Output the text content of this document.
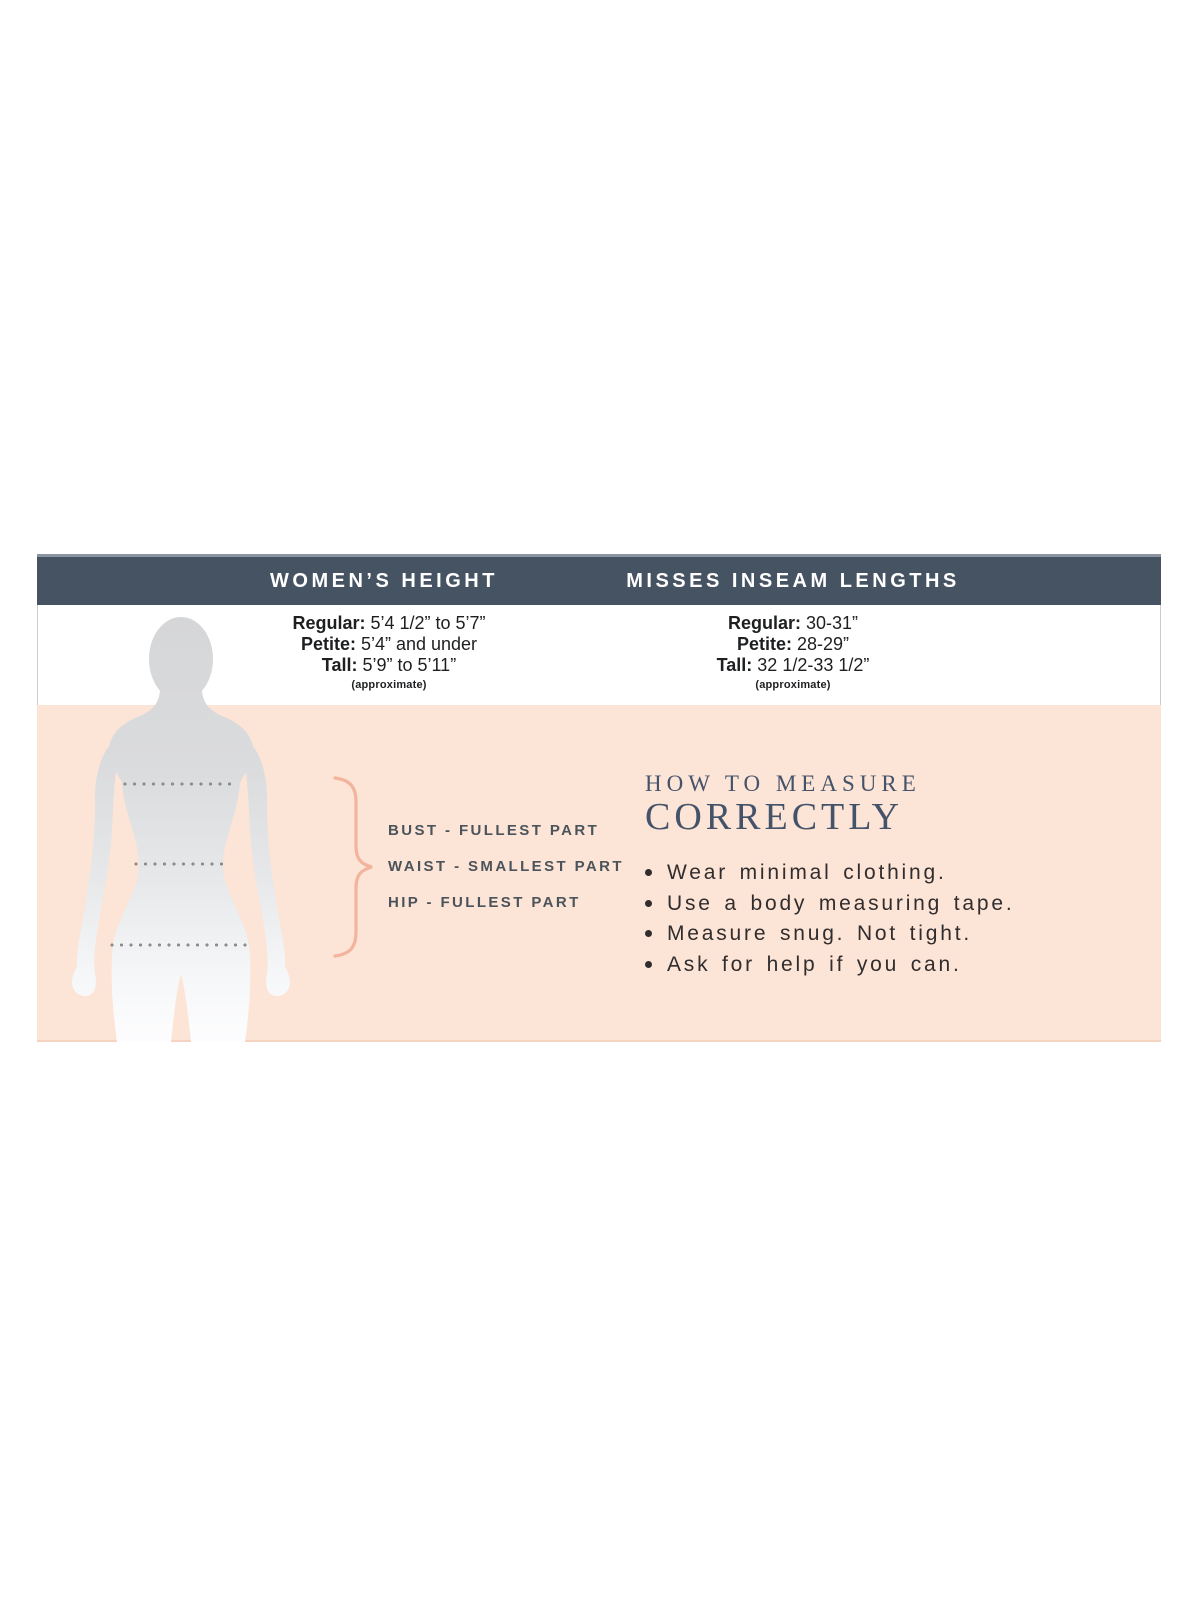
WOMEN’S HEIGHT	MISSES INSEAM LENGTHS

Regular: 5’4 1/2” to 5’7”

Petite: 5’4” and under

Tall: 5’9” to 5’11”

(approximate)

Regular: 30-31”

Petite: 28-29”

Tall: 32 1/2-33 1/2”

(approximate)

BUST - FULLEST PART
WAIST - SMALLEST PART
HIP - FULLEST PART
HOW TO MEASURE
CORRECTLY
Wear minimal clothing.
Use a body measuring tape.
Measure snug. Not tight.
Ask for help if you can.
